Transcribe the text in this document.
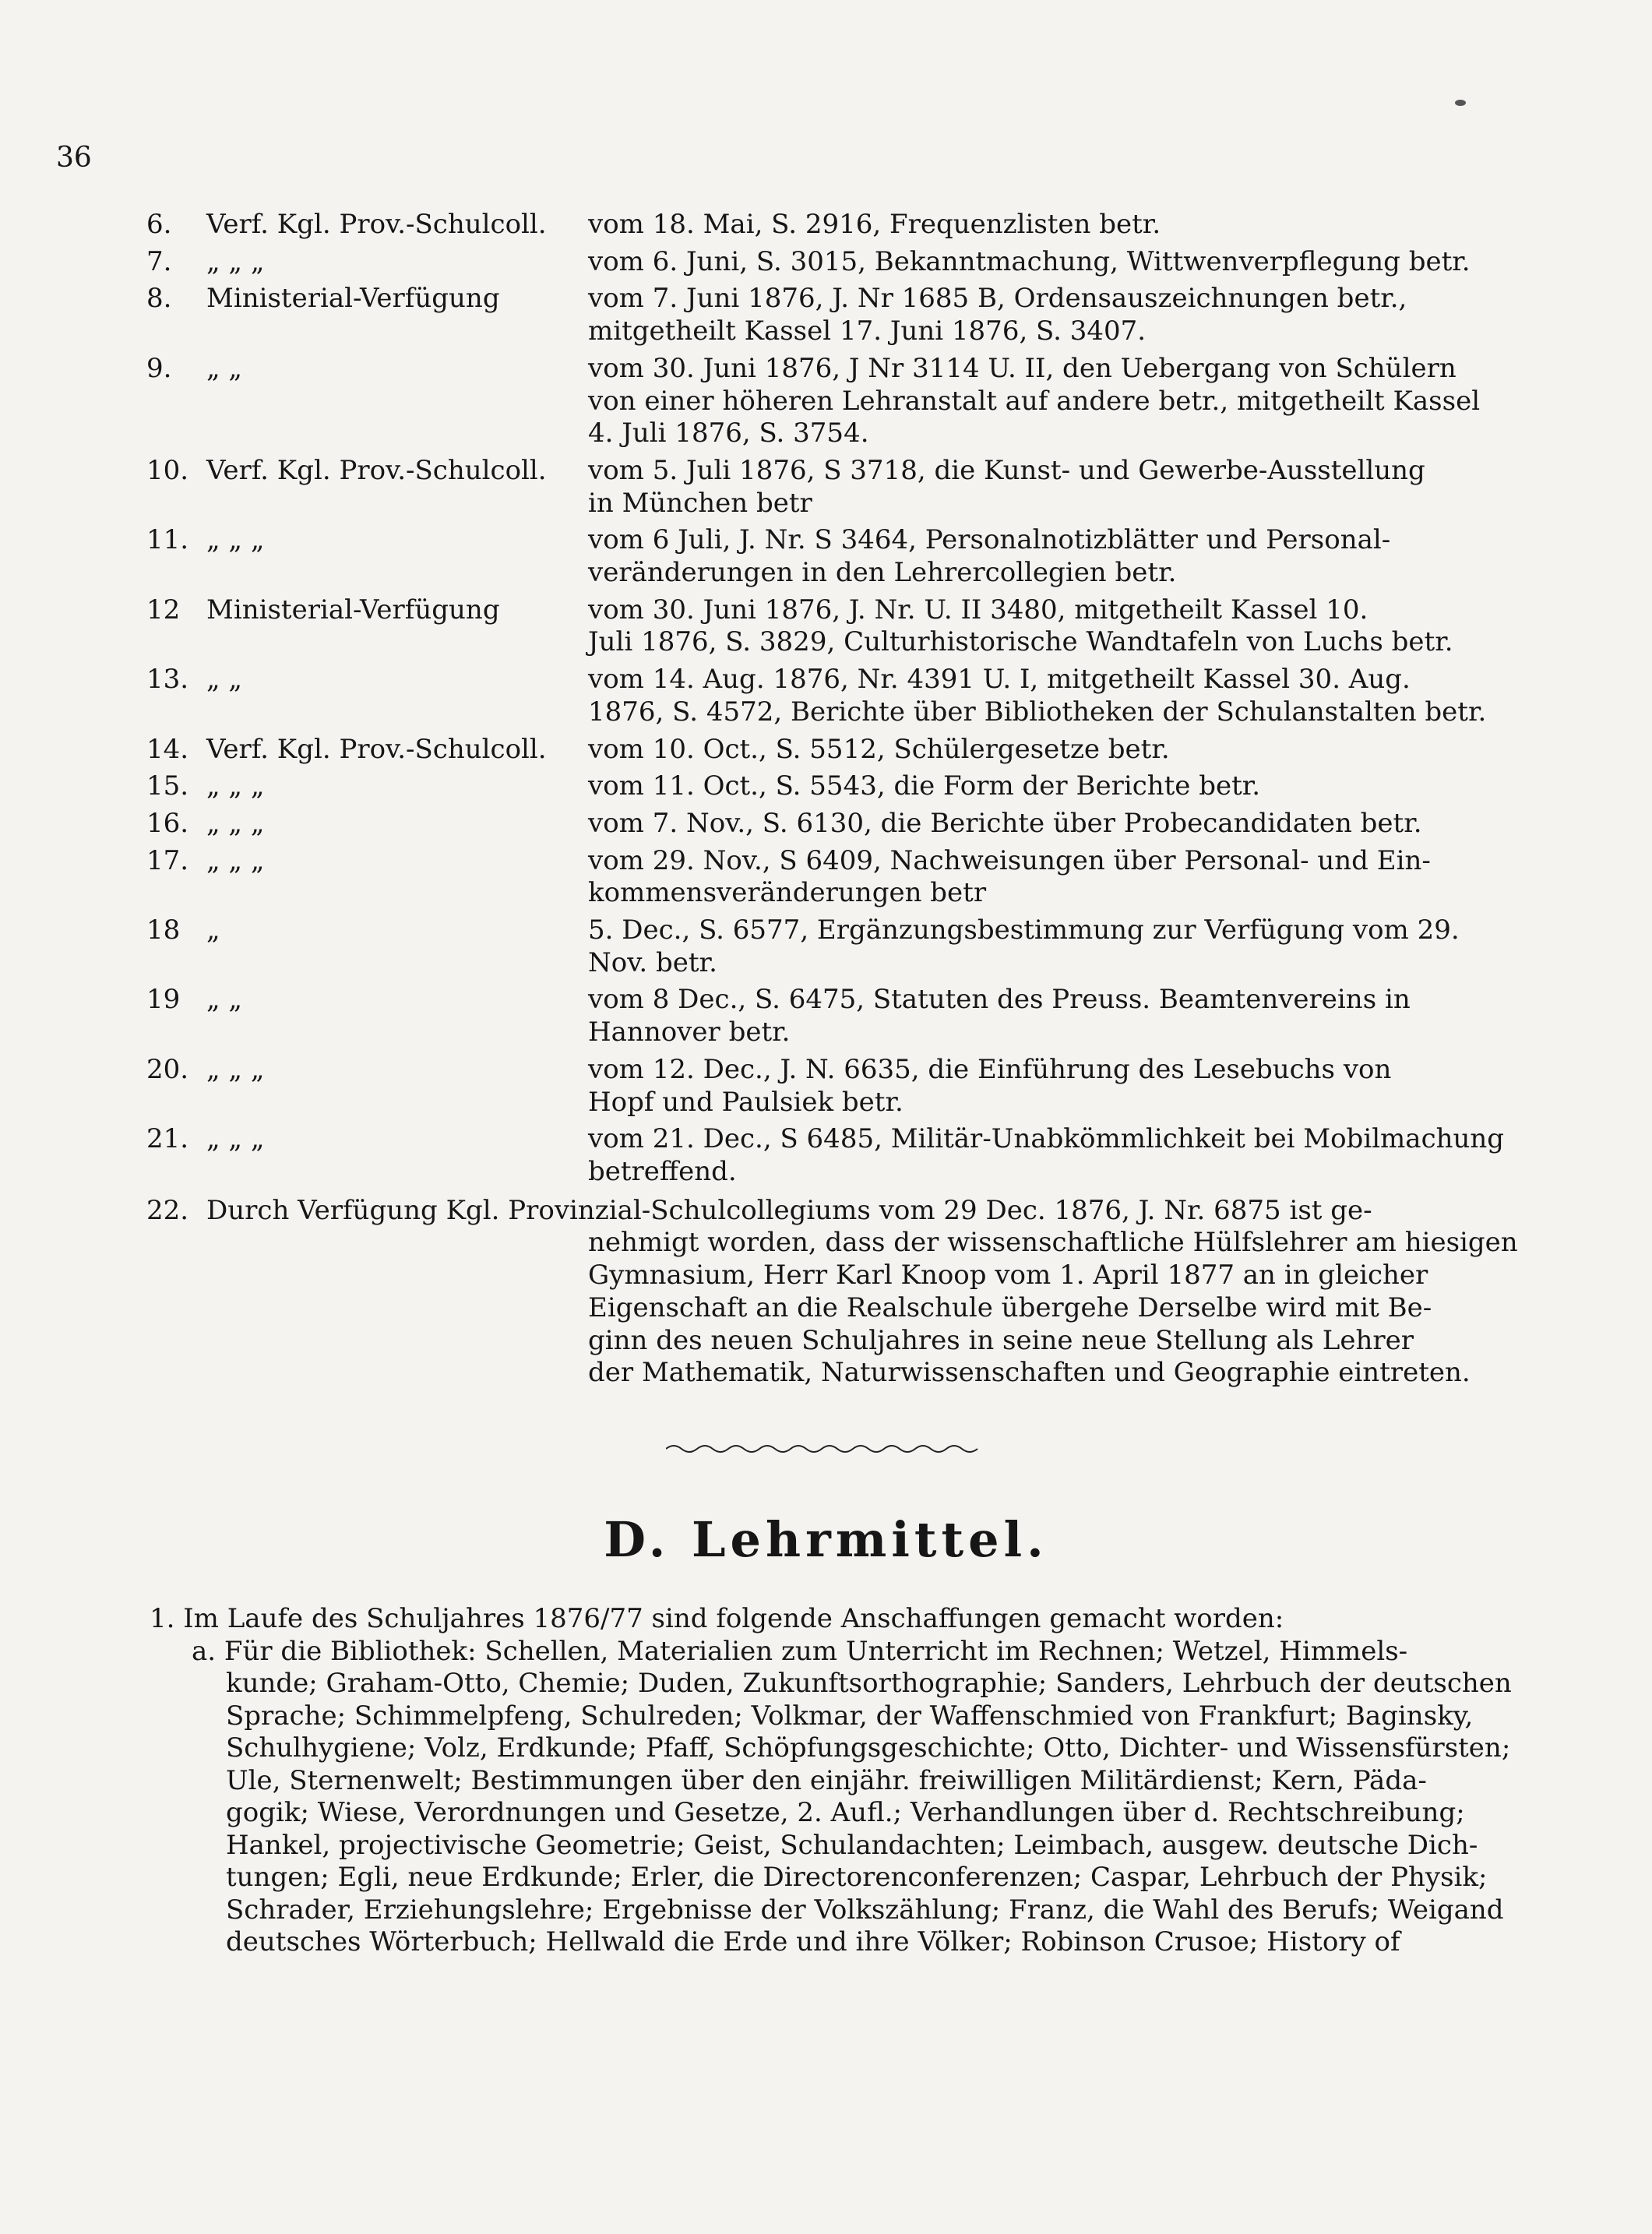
36
6.	Verf. Kgl. Prov.-Schulcoll.	vom 18. Mai, S. 2916, Frequenzlisten betr.
7.	„ „ „	vom 6. Juni, S. 3015, Bekanntmachung, Wittwenverpflegung betr.
8.	Ministerial-Verfügung	vom 7. Juni 1876, J. Nr 1685 B, Ordensauszeichnungen betr.,
mitgetheilt Kassel 17. Juni 1876, S. 3407.
9.	„ „	vom 30. Juni 1876, J Nr 3114 U. II, den Uebergang von Schülern
von einer höheren Lehranstalt auf andere betr., mitgetheilt Kassel
4. Juli 1876, S. 3754.
10. Verf. Kgl. Prov.-Schulcoll.	vom 5. Juli 1876, S 3718, die Kunst- und Gewerbe-Ausstellung
in München betr
11. „ „ „	vom 6 Juli, J. Nr. S 3464, Personalnotizblätter und Personal-
veränderungen in den Lehrercollegien betr.
12 Ministerial-Verfügung	vom 30. Juni 1876, J. Nr. U. II 3480, mitgetheilt Kassel 10.
Juli 1876, S. 3829, Culturhistorische Wandtafeln von Luchs betr.
13. „ „	vom 14. Aug. 1876, Nr. 4391 U. I, mitgetheilt Kassel 30. Aug.
1876, S. 4572, Berichte über Bibliotheken der Schulanstalten betr.
14. Verf. Kgl. Prov.-Schulcoll.	vom 10. Oct., S. 5512, Schülergesetze betr.
15. „ „ „	vom 11. Oct., S. 5543, die Form der Berichte betr.
16. „ „ „	vom 7. Nov., S. 6130, die Berichte über Probecandidaten betr.
17. „ „ „	vom 29. Nov., S 6409, Nachweisungen über Personal- und Ein-
kommensveränderungen betr
18 „	5. Dec., S. 6577, Ergänzungsbestimmung zur Verfügung vom 29.
Nov. betr.
19 „ „	vom 8 Dec., S. 6475, Statuten des Preuss. Beamtenvereins in
Hannover betr.
20. „ „ „	vom 12. Dec., J. N. 6635, die Einführung des Lesebuchs von
Hopf und Paulsiek betr.
21. „ „ „	vom 21. Dec., S 6485, Militär-Unabkömmlichkeit bei Mobilmachung
betreffend.
22. Durch Verfügung Kgl. Provinzial-Schulcollegiums vom 29 Dec. 1876, J. Nr. 6875 ist ge-
nehmigt worden, dass der wissenschaftliche Hülfslehrer am hiesigen
Gymnasium, Herr Karl Knoop vom 1. April 1877 an in gleicher
Eigenschaft an die Realschule übergehe Derselbe wird mit Be-
ginn des neuen Schuljahres in seine neue Stellung als Lehrer
der Mathematik, Naturwissenschaften und Geographie eintreten.
D. Lehrmittel.
1. Im Laufe des Schuljahres 1876/77 sind folgende Anschaffungen gemacht worden:
a. Für die Bibliothek: Schellen, Materialien zum Unterricht im Rechnen; Wetzel, Himmels-
kunde; Graham-Otto, Chemie; Duden, Zukunftsorthographie; Sanders, Lehrbuch der deutschen
Sprache; Schimmelpfeng, Schulreden; Volkmar, der Waffenschmied von Frankfurt; Baginsky,
Schulhygiene; Volz, Erdkunde; Pfaff, Schöpfungsgeschichte; Otto, Dichter- und Wissensfürsten;
Ule, Sternenwelt; Bestimmungen über den einjähr. freiwilligen Militärdienst; Kern, Päda-
gogik; Wiese, Verordnungen und Gesetze, 2. Aufl.; Verhandlungen über d. Rechtschreibung;
Hankel, projectivische Geometrie; Geist, Schulandachten; Leimbach, ausgew. deutsche Dich-
tungen; Egli, neue Erdkunde; Erler, die Directorenconferenzen; Caspar, Lehrbuch der Physik;
Schrader, Erziehungslehre; Ergebnisse der Volkszählung; Franz, die Wahl des Berufs; Weigand
deutsches Wörterbuch; Hellwald die Erde und ihre Völker; Robinson Crusoe; History of
